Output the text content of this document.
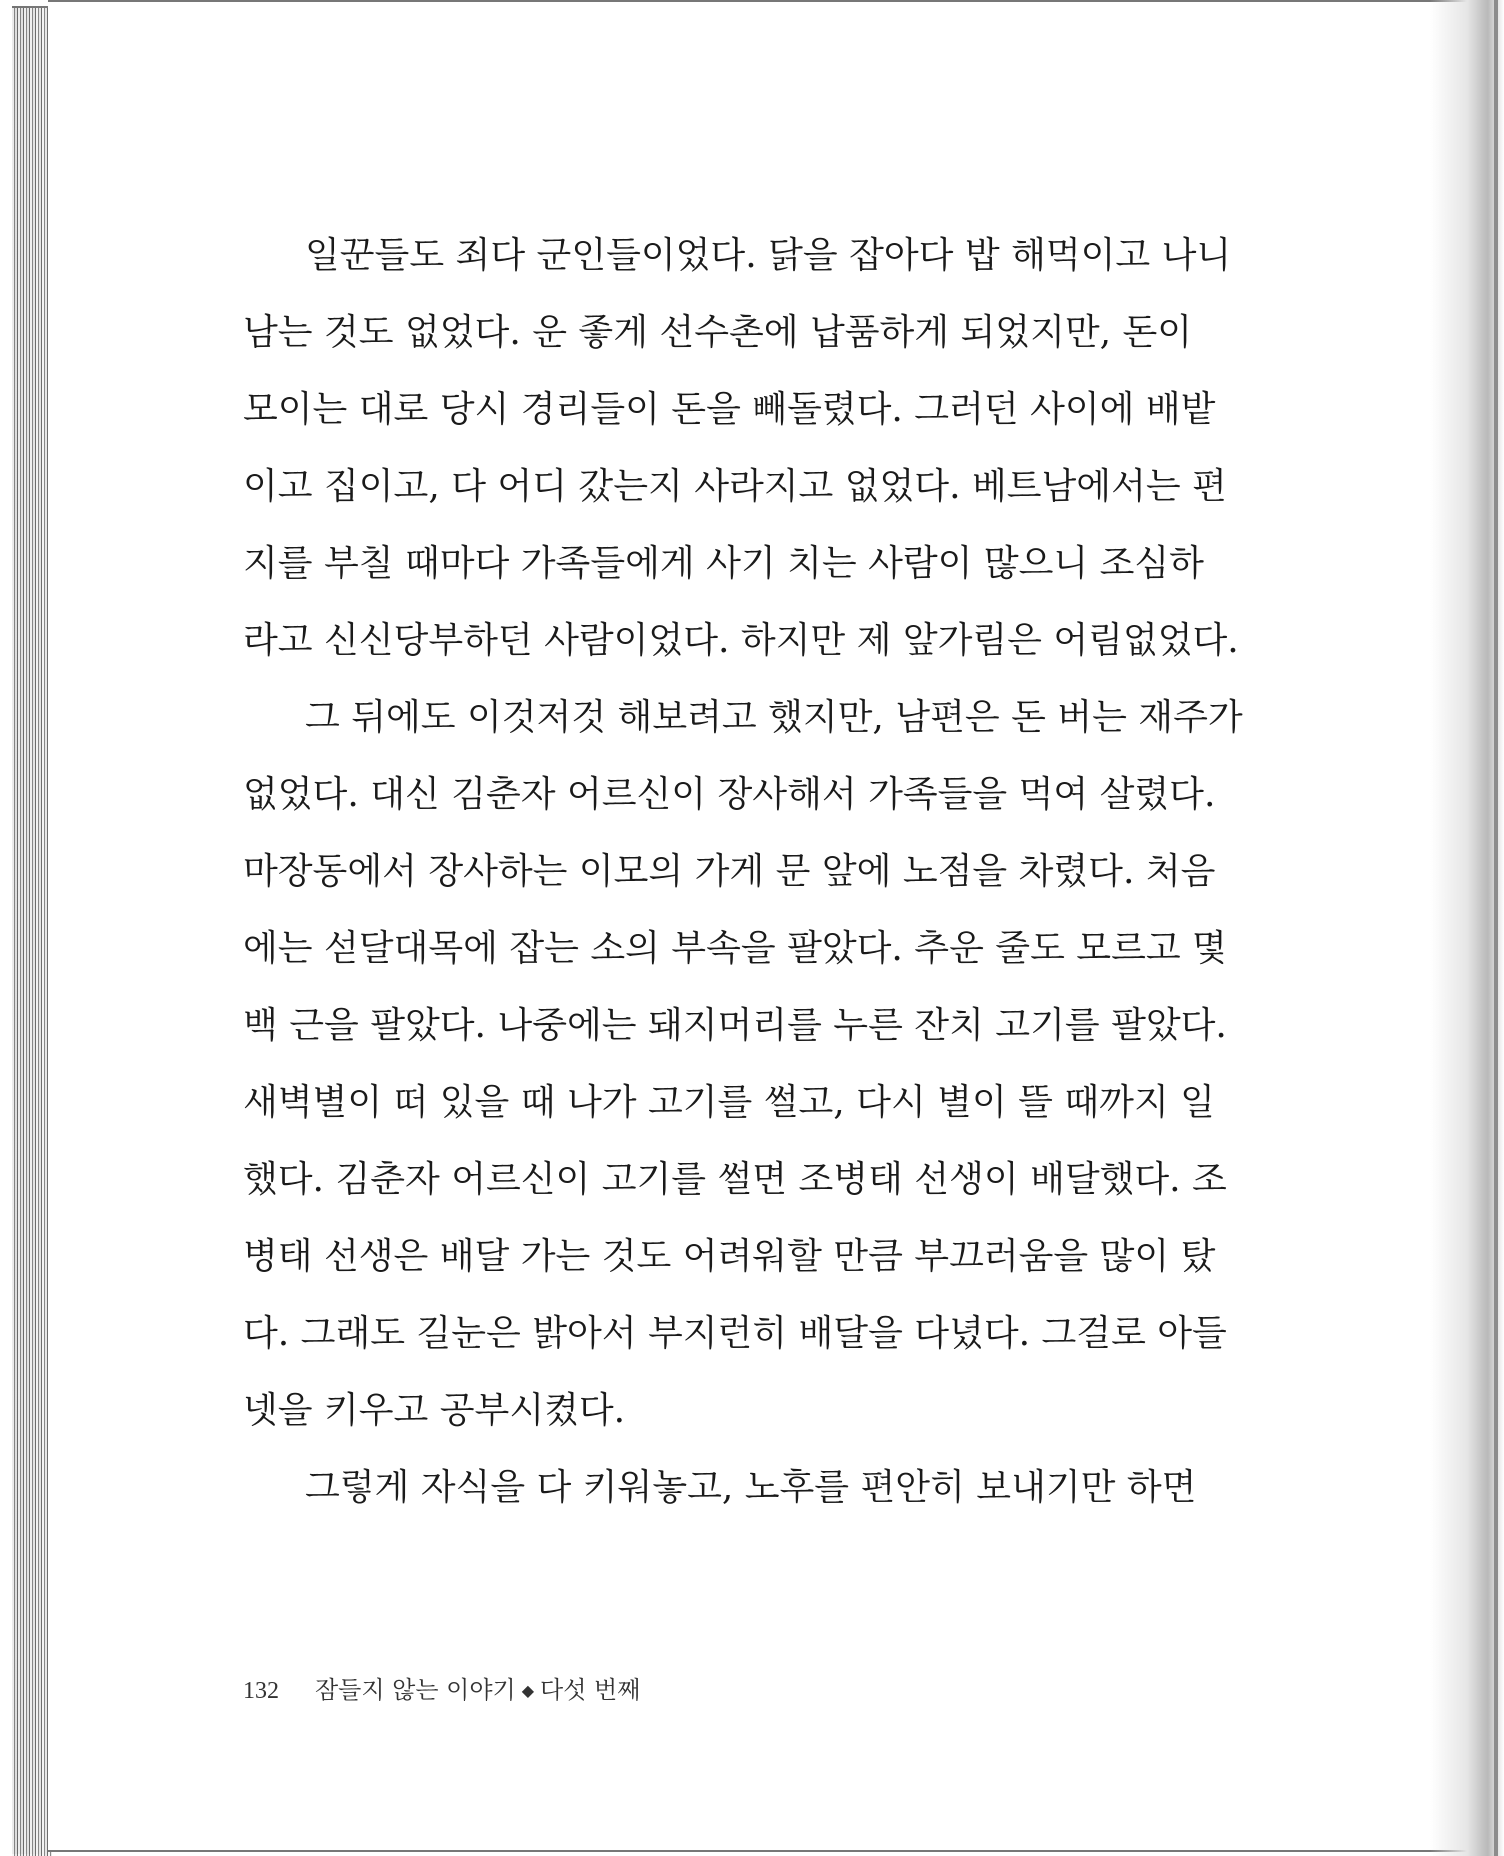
일꾼들도 죄다 군인들이었다. 닭을 잡아다 밥 해먹이고 나니
남는 것도 없었다. 운 좋게 선수촌에 납품하게 되었지만, 돈이
모이는 대로 당시 경리들이 돈을 빼돌렸다. 그러던 사이에 배밭
이고 집이고, 다 어디 갔는지 사라지고 없었다. 베트남에서는 편
지를 부칠 때마다 가족들에게 사기 치는 사람이 많으니 조심하
라고 신신당부하던 사람이었다. 하지만 제 앞가림은 어림없었다.
그 뒤에도 이것저것 해보려고 했지만, 남편은 돈 버는 재주가
없었다. 대신 김춘자 어르신이 장사해서 가족들을 먹여 살렸다.
마장동에서 장사하는 이모의 가게 문 앞에 노점을 차렸다. 처음
에는 섣달대목에 잡는 소의 부속을 팔았다. 추운 줄도 모르고 몇
백 근을 팔았다. 나중에는 돼지머리를 누른 잔치 고기를 팔았다.
새벽별이 떠 있을 때 나가 고기를 썰고, 다시 별이 뜰 때까지 일
했다. 김춘자 어르신이 고기를 썰면 조병태 선생이 배달했다. 조
병태 선생은 배달 가는 것도 어려워할 만큼 부끄러움을 많이 탔
다. 그래도 길눈은 밝아서 부지런히 배달을 다녔다. 그걸로 아들
넷을 키우고 공부시켰다.
그렇게 자식을 다 키워놓고, 노후를 편안히 보내기만 하면
132 잠들지 않는 이야기 ◆ 다섯 번째
